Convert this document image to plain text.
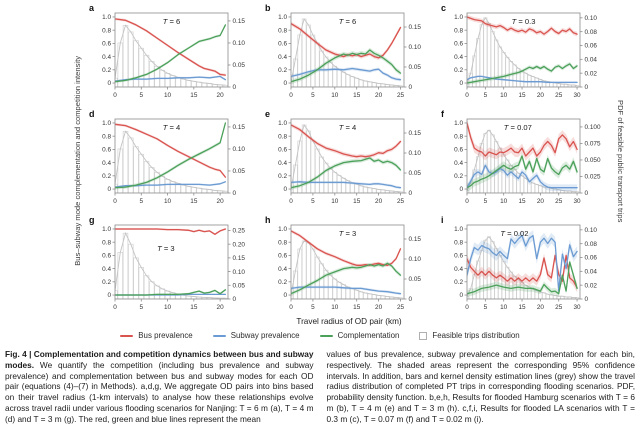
Bus–subway mode complementation and competition intensity
a
0
0.2
0.4
0.6
0.8
1.0
0
0.05
0.10
0.15
0	5	10	15	20
T = 6
b
0
0.2
0.4
0.6
0.8
1.0
0
0.05
0.10
0.15
0	5	10 15 20 25
T = 6
c
0
0.2
0.4
0.6
0.8
1.0
0
0.02
0.04
0.06
0.08
0.10
0 5 10 15 20 25 30
T = 0.3
d
0
0.2
0.4
0.6
0.8
1.0
0
0.05
0.10
0.15
0	5	10	15	20
T = 4
e
0
0.2
0.4
0.6
0.8
1.0
0
0.05
0.10
0.15
0	5	10 15 20 25
T = 4
f
0
0.2
0.4
0.6
0.8
1.0
0
0.025
0.050
0.075
0.100
0 5 10 15 20 25 30
T = 0.07
g
0
0.2
0.4
0.6
0.8
1.0
0
0.05
0.10
0.15
0.20
0.25
0	5	10	15	20
T = 3
h
0
0.2
0.4
0.6
0.8
1.0
0
0.05
0.10
0.15
0	5	10 15 20 25
T = 3
i
0
0.2
0.4
0.6
0.8
1.0
0
0.02
0.04
0.06
0.08
0.10
0 5 10 15 20 25 30
T = 0.02
PDF of feasible public transport trips
Travel radius of OD pair (km)
Bus prevalence	Subway prevalence	Complementation	Feasible trips distribution
Fig. 4 | Complementation and competition dynamics between bus and subway modes. We quantify the competition (including bus prevalence and subway prevalence) and complementation between bus and subway modes for each OD pair (equations (4)–(7) in Methods). a,d,g, We aggregate OD pairs into bins based on their travel radius (1-km intervals) to analyse how these relationships evolve across travel radii under various flooding scenarios for Nanjing: T = 6 m (a), T = 4 m (d) and T = 3 m (g). The red, green and blue lines represent the mean
values of bus prevalence, subway prevalence and complementation for each bin, respectively. The shaded areas represent the corresponding 95% confidence intervals. In addition, bars and kernel density estimation lines (grey) show the travel radius distribution of completed PT trips in corresponding flooding scenarios. PDF, probability density function. b,e,h, Results for flooded Hamburg scenarios with T = 6 m (b), T = 4 m (e) and T = 3 m (h). c,f,i, Results for flooded LA scenarios with T = 0.3 m (c), T = 0.07 m (f) and T = 0.02 m (i).
